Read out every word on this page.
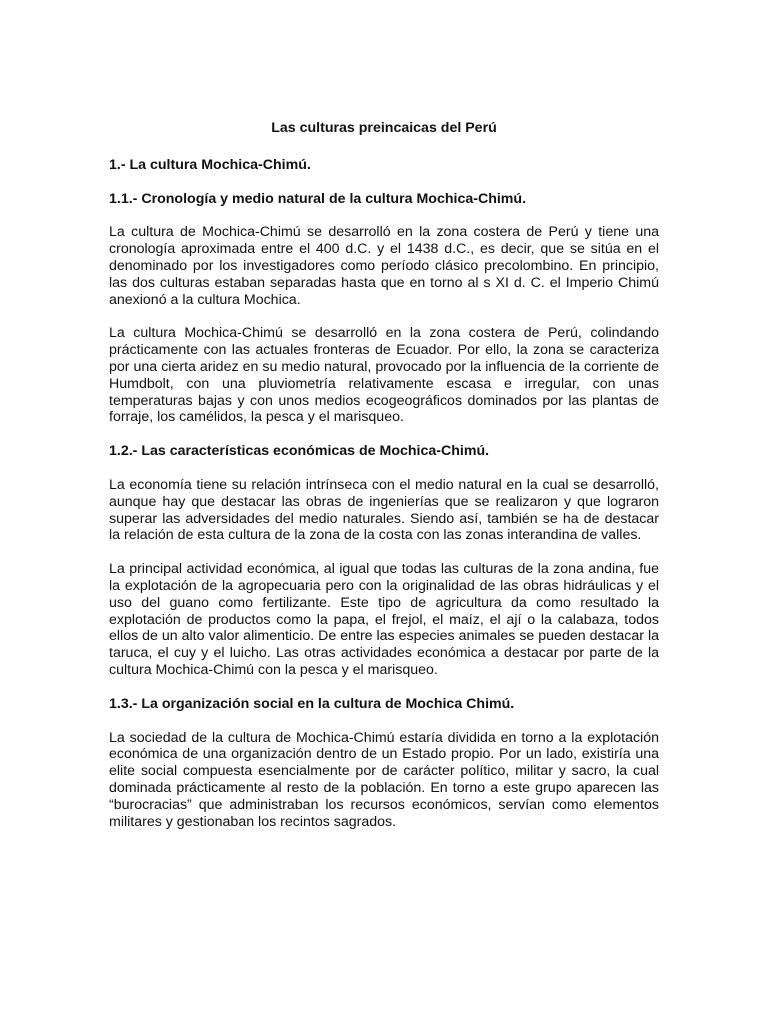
Las culturas preincaicas del Perú
1.- La cultura Mochica-Chimú.
1.1.- Cronología y medio natural de la cultura Mochica-Chimú.
La cultura de Mochica-Chimú se desarrolló en la zona costera de Perú y tiene una cronología aproximada entre el 400 d.C. y el 1438 d.C., es decir, que se sitúa en el denominado por los investigadores como período clásico precolombino. En principio, las dos culturas estaban separadas hasta que en torno al s XI d. C. el Imperio Chimú anexionó a la cultura Mochica.
La cultura Mochica-Chimú se desarrolló en la zona costera de Perú, colindando prácticamente con las actuales fronteras de Ecuador. Por ello, la zona se caracteriza por una cierta aridez en su medio natural, provocado por la influencia de la corriente de Humdbolt, con una pluviometría relativamente escasa e irregular, con unas temperaturas bajas y con unos medios ecogeográficos dominados por las plantas de forraje, los camélidos, la pesca y el marisqueo.
1.2.- Las características económicas de Mochica-Chimú.
La economía tiene su relación intrínseca con el medio natural en la cual se desarrolló, aunque hay que destacar las obras de ingenierías que se realizaron y que lograron superar las adversidades del medio naturales. Siendo así, también se ha de destacar la relación de esta cultura de la zona de la costa con las zonas interandina de valles.
La principal actividad económica, al igual que todas las culturas de la zona andina, fue la explotación de la agropecuaria pero con la originalidad de las obras hidráulicas y el uso del guano como fertilizante. Este tipo de agricultura da como resultado la explotación de productos como la papa, el frejol, el maíz, el ají o la calabaza, todos ellos de un alto valor alimenticio. De entre las especies animales se pueden destacar la taruca, el cuy y el luicho. Las otras actividades económica a destacar por parte de la cultura Mochica-Chimú con la pesca y el marisqueo.
1.3.- La organización social en la cultura de Mochica Chimú.
La sociedad de la cultura de Mochica-Chimú estaría dividida en torno a la explotación económica de una organización dentro de un Estado propio. Por un lado, existiría una elite social compuesta esencialmente por de carácter político, militar y sacro, la cual dominada prácticamente al resto de la población. En torno a este grupo aparecen las “burocracias” que administraban los recursos económicos, servían como elementos militares y gestionaban los recintos sagrados.
